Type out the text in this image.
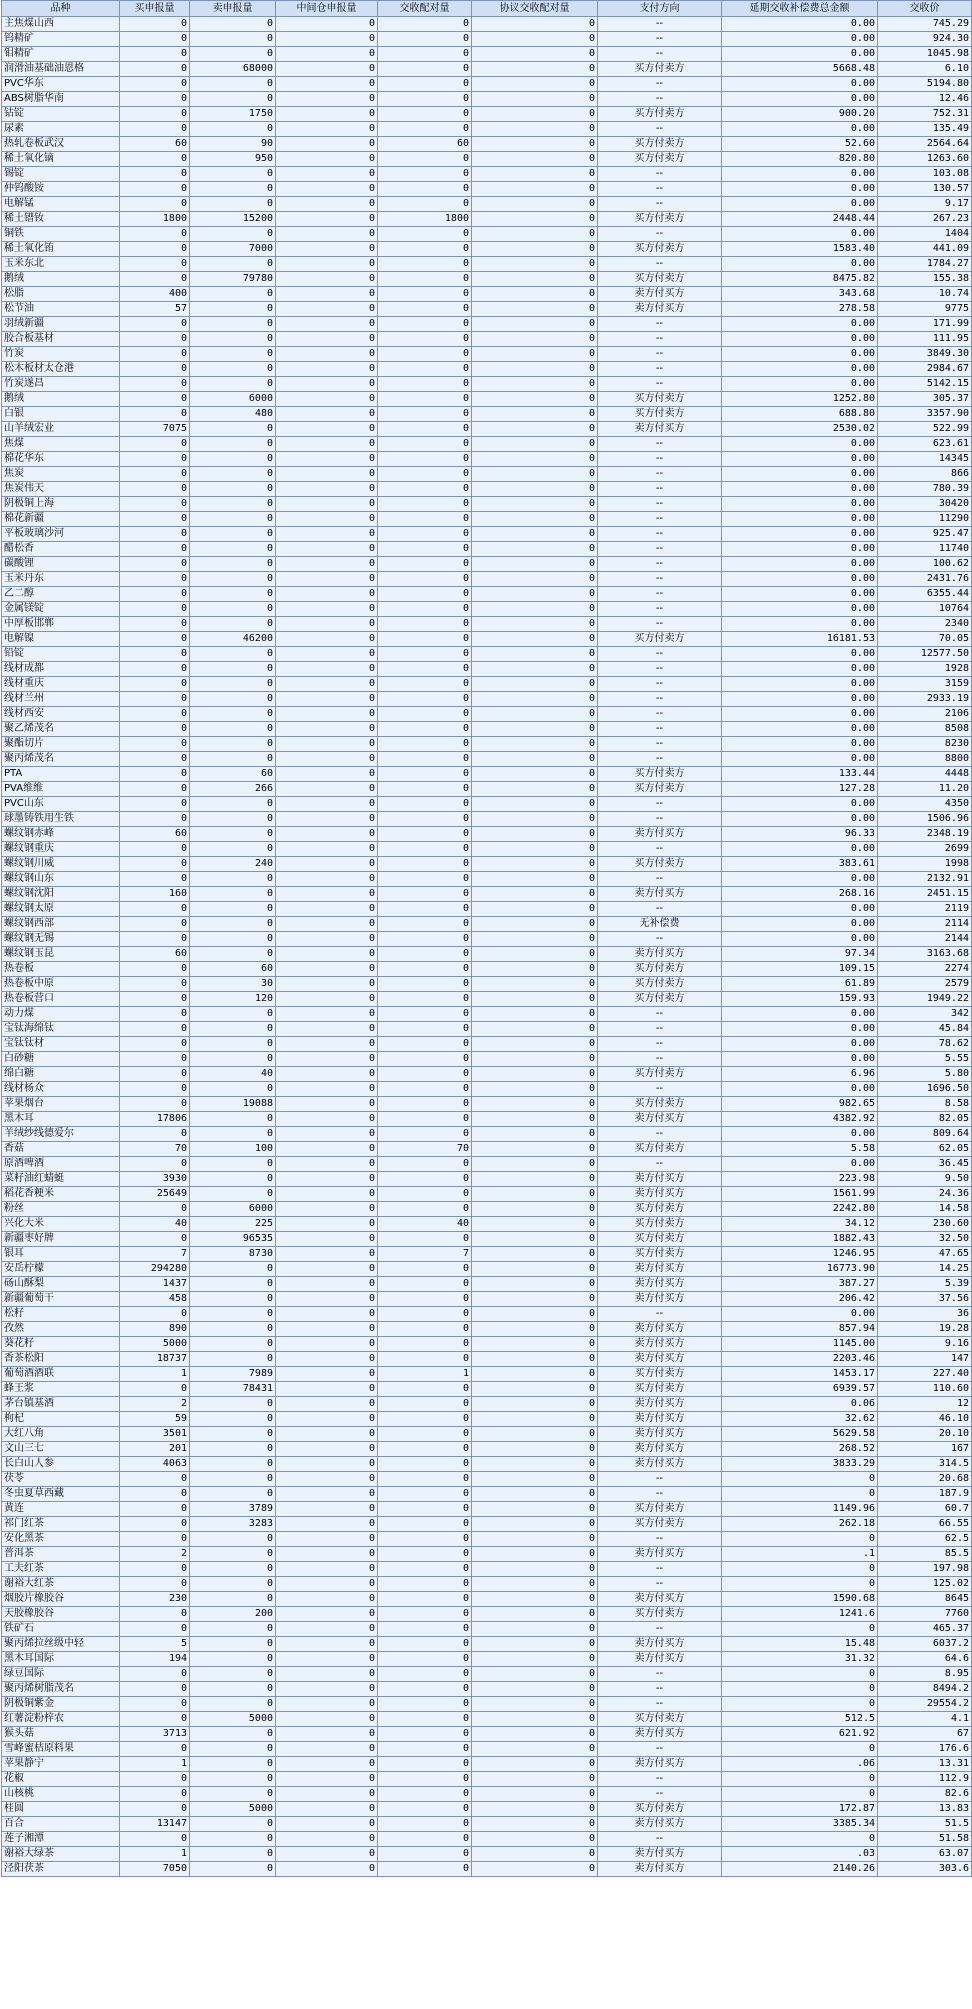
品种	买申报量	卖申报量	中间仓申报量	交收配对量	协议交收配对量	支付方向	延期交收补偿费总金额	交收价
主焦煤山西	0	0	0	0	0	--	0.00	745.29
钨精矿	0	0	0	0	0	--	0.00	924.30
钼精矿	0	0	0	0	0	--	0.00	1045.98
润滑油基础油恩格	0	68000	0	0	0	买方付卖方	5668.48	6.10
PVC华东	0	0	0	0	0	--	0.00	5194.80
ABS树脂华南	0	0	0	0	0	--	0.00	12.46
钴锭	0	1750	0	0	0	买方付卖方	900.20	752.31
尿素	0	0	0	0	0	--	0.00	135.49
热轧卷板武汉	60	90	0	60	0	买方付卖方	52.60	2564.64
稀土氧化镝	0	950	0	0	0	买方付卖方	820.80	1263.60
锡锭	0	0	0	0	0	--	0.00	103.08
仲钨酸铵	0	0	0	0	0	--	0.00	130.57
电解锰	0	0	0	0	0	--	0.00	9.17
稀土镨钕	1800	15200	0	1800	0	买方付卖方	2448.44	267.23
铜铁	0	0	0	0	0	--	0.00	1404
稀土氧化铕	0	7000	0	0	0	买方付卖方	1583.40	441.09
玉米东北	0	0	0	0	0	--	0.00	1784.27
鹅绒	0	79780	0	0	0	买方付卖方	8475.82	155.38
松脂	400	0	0	0	0	卖方付买方	343.68	10.74
松节油	57	0	0	0	0	卖方付买方	278.58	9775
羽绒新疆	0	0	0	0	0	--	0.00	171.99
胶合板基材	0	0	0	0	0	--	0.00	111.95
竹炭	0	0	0	0	0	--	0.00	3849.30
松木板材太仓港	0	0	0	0	0	--	0.00	2984.67
竹炭遂昌	0	0	0	0	0	--	0.00	5142.15
鹅绒	0	6000	0	0	0	买方付卖方	1252.80	305.37
白银	0	480	0	0	0	买方付卖方	688.80	3357.90
山羊绒宏业	7075	0	0	0	0	卖方付买方	2530.02	522.99
焦煤	0	0	0	0	0	--	0.00	623.61
棉花华东	0	0	0	0	0	--	0.00	14345
焦炭	0	0	0	0	0	--	0.00	866
焦炭伟天	0	0	0	0	0	--	0.00	780.39
阴极铜上海	0	0	0	0	0	--	0.00	30420
棉花新疆	0	0	0	0	0	--	0.00	11290
平板玻璃沙河	0	0	0	0	0	--	0.00	925.47
醋松香	0	0	0	0	0	--	0.00	11740
碳酸锂	0	0	0	0	0	--	0.00	100.62
玉米丹东	0	0	0	0	0	--	0.00	2431.76
乙二醇	0	0	0	0	0	--	0.00	6355.44
金属镁锭	0	0	0	0	0	--	0.00	10764
中厚板邯郸	0	0	0	0	0	--	0.00	2340
电解镍	0	46200	0	0	0	买方付卖方	16181.53	70.05
铅锭	0	0	0	0	0	--	0.00	12577.50
线材成都	0	0	0	0	0	--	0.00	1928
线材重庆	0	0	0	0	0	--	0.00	3159
线材兰州	0	0	0	0	0	--	0.00	2933.19
线材西安	0	0	0	0	0	--	0.00	2106
聚乙烯茂名	0	0	0	0	0	--	0.00	8508
聚酯切片	0	0	0	0	0	--	0.00	8230
聚丙烯茂名	0	0	0	0	0	--	0.00	8800
PTA	0	60	0	0	0	买方付卖方	133.44	4448
PVA维维	0	266	0	0	0	买方付卖方	127.28	11.20
PVC山东	0	0	0	0	0	--	0.00	4350
球墨铸铁用生铁	0	0	0	0	0	--	0.00	1506.96
螺纹钢赤峰	60	0	0	0	0	卖方付买方	96.33	2348.19
螺纹钢重庆	0	0	0	0	0	--	0.00	2699
螺纹钢川威	0	240	0	0	0	买方付卖方	383.61	1998
螺纹钢山东	0	0	0	0	0	--	0.00	2132.91
螺纹钢沈阳	160	0	0	0	0	卖方付买方	268.16	2451.15
螺纹钢太原	0	0	0	0	0	--	0.00	2119
螺纹钢西部	0	0	0	0	0	无补偿费	0.00	2114
螺纹钢无锡	0	0	0	0	0	--	0.00	2144
螺纹钢玉昆	60	0	0	0	0	卖方付买方	97.34	3163.68
热卷板	0	60	0	0	0	买方付卖方	109.15	2274
热卷板中原	0	30	0	0	0	买方付卖方	61.89	2579
热卷板营口	0	120	0	0	0	买方付卖方	159.93	1949.22
动力煤	0	0	0	0	0	--	0.00	342
宝钛海绵钛	0	0	0	0	0	--	0.00	45.84
宝钛钛材	0	0	0	0	0	--	0.00	78.62
白砂糖	0	0	0	0	0	--	0.00	5.55
绵白糖	0	40	0	0	0	买方付卖方	6.96	5.80
线材杨众	0	0	0	0	0	--	0.00	1696.50
苹果烟台	0	19088	0	0	0	买方付卖方	982.65	8.58
黑木耳	17806	0	0	0	0	卖方付买方	4382.92	82.05
羊绒纱线德爱尔	0	0	0	0	0	--	0.00	809.64
香菇	70	100	0	70	0	买方付卖方	5.58	62.05
原酒啤酒	0	0	0	0	0	--	0.00	36.45
菜籽油红蜻蜓	3930	0	0	0	0	卖方付买方	223.98	9.50
稻花香粳米	25649	0	0	0	0	卖方付买方	1561.99	24.36
粉丝	0	6000	0	0	0	买方付卖方	2242.80	14.58
兴化大米	40	225	0	40	0	买方付卖方	34.12	230.60
新疆枣好牌	0	96535	0	0	0	买方付卖方	1882.43	32.50
银耳	7	8730	0	7	0	买方付卖方	1246.95	47.65
安岳柠檬	294280	0	0	0	0	卖方付买方	16773.90	14.25
砀山酥梨	1437	0	0	0	0	卖方付买方	387.27	5.39
新疆葡萄干	458	0	0	0	0	卖方付买方	206.42	37.56
松籽	0	0	0	0	0	--	0.00	36
孜然	890	0	0	0	0	卖方付买方	857.94	19.28
葵花籽	5000	0	0	0	0	卖方付买方	1145.00	9.16
香茶松阳	18737	0	0	0	0	卖方付买方	2203.46	147
葡萄酒酒联	1	7989	0	1	0	买方付卖方	1453.17	227.40
蜂王浆	0	78431	0	0	0	买方付卖方	6939.57	110.60
茅台镇基酒	2	0	0	0	0	卖方付买方	0.06	12
枸杞	59	0	0	0	0	卖方付买方	32.62	46.10
大红八角	3501	0	0	0	0	卖方付买方	5629.58	20.10
文山三七	201	0	0	0	0	卖方付买方	268.52	167
长白山人参	4063	0	0	0	0	卖方付买方	3833.29	314.5
茯苓	0	0	0	0	0	--	0	20.68
冬虫夏草西藏	0	0	0	0	0	--	0	187.9
黄连	0	3789	0	0	0	买方付卖方	1149.96	60.7
祁门红茶	0	3283	0	0	0	买方付卖方	262.18	66.55
安化黑茶	0	0	0	0	0	--	0	62.5
普洱茶	2	0	0	0	0	卖方付买方	.1	85.5
工夫红茶	0	0	0	0	0	--	0	197.98
谢裕大红茶	0	0	0	0	0	--	0	125.02
烟胶片橡胶谷	230	0	0	0	0	卖方付买方	1590.68	8645
天胶橡胶谷	0	200	0	0	0	买方付卖方	1241.6	7760
铁矿石	0	0	0	0	0	--	0	465.37
聚丙烯拉丝级中轻	5	0	0	0	0	卖方付买方	15.48	6037.2
黑木耳国际	194	0	0	0	0	卖方付买方	31.32	64.6
绿豆国际	0	0	0	0	0	--	0	8.95
聚丙烯树脂茂名	0	0	0	0	0	--	0	8494.2
阴极铜紫金	0	0	0	0	0	--	0	29554.2
红薯淀粉梓农	0	5000	0	0	0	买方付卖方	512.5	4.1
猴头菇	3713	0	0	0	0	卖方付买方	621.92	67
雪峰蜜桔原料果	0	0	0	0	0	--	0	176.6
苹果静宁	1	0	0	0	0	卖方付买方	.06	13.31
花椒	0	0	0	0	0	--	0	112.9
山核桃	0	0	0	0	0	--	0	82.6
桂圆	0	5000	0	0	0	买方付卖方	172.87	13.83
百合	13147	0	0	0	0	卖方付买方	3385.34	51.5
莲子湘潭	0	0	0	0	0	--	0	51.58
谢裕大绿茶	1	0	0	0	0	卖方付买方	.03	63.07
泾阳茯茶	7050	0	0	0	0	卖方付买方	2140.26	303.6
